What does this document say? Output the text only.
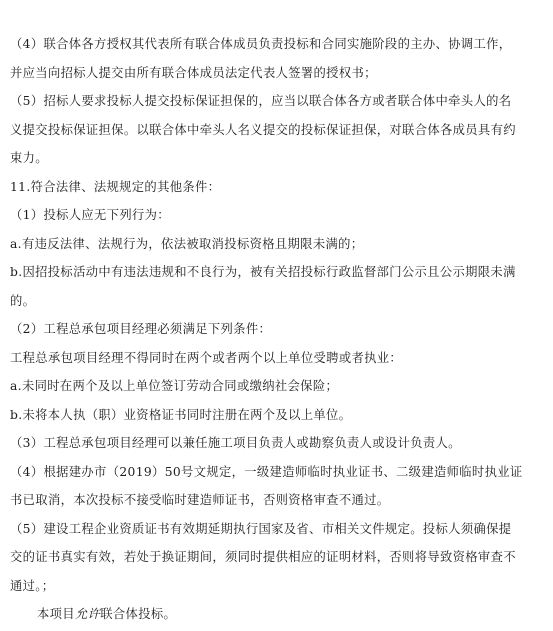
（4）联合体各方授权其代表所有联合体成员负责投标和合同实施阶段的主办、协调工作，
并应当向招标人提交由所有联合体成员法定代表人签署的授权书；
（5）招标人要求投标人提交投标保证担保的，应当以联合体各方或者联合体中牵头人的名
义提交投标保证担保。以联合体中牵头人名义提交的投标保证担保，对联合体各成员具有约
束力。
11.符合法律、法规规定的其他条件：
（1）投标人应无下列行为：
a.有违反法律、法规行为，依法被取消投标资格且期限未满的；
b.因招投标活动中有违法违规和不良行为，被有关招投标行政监督部门公示且公示期限未满
的。
（2）工程总承包项目经理必须满足下列条件：
工程总承包项目经理不得同时在两个或者两个以上单位受聘或者执业：
a.未同时在两个及以上单位签订劳动合同或缴纳社会保险；
b.未将本人执（职）业资格证书同时注册在两个及以上单位。
（3）工程总承包项目经理可以兼任施工项目负责人或勘察负责人或设计负责人。
（4）根据建办市（2019）50号文规定，一级建造师临时执业证书、二级建造师临时执业证
书已取消，本次投标不接受临时建造师证书，否则资格审查不通过。
（5）建设工程企业资质证书有效期延期执行国家及省、市相关文件规定。投标人须确保提
交的证书真实有效，若处于换证期间，须同时提供相应的证明材料，否则将导致资格审查不
通过。；
本项目允许联合体投标。
